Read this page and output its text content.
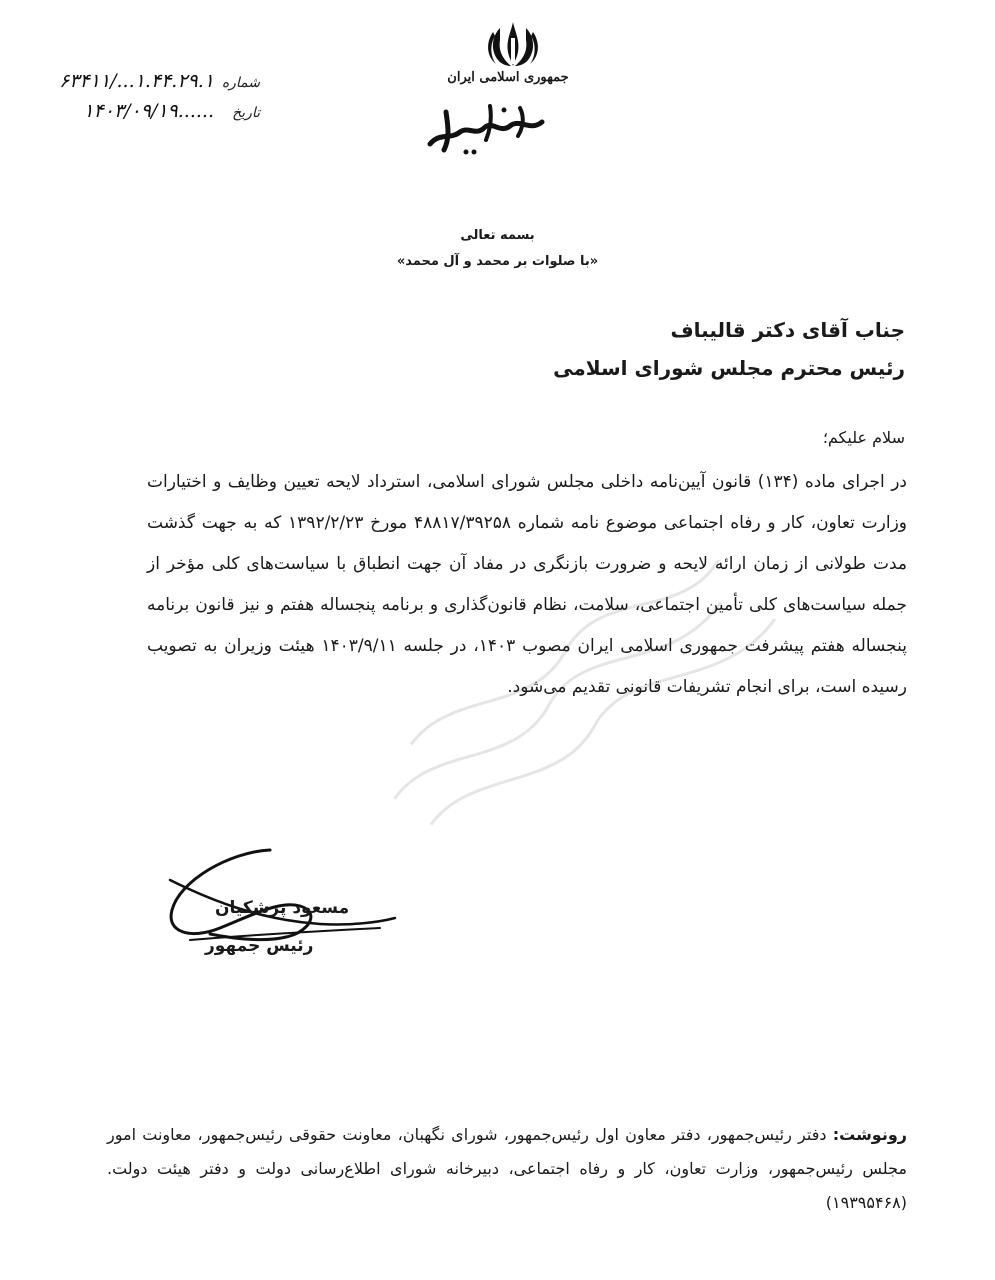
جمهوری اسلامی ایران
شماره
۶۳۴۱۱/...۱.۴۴.۲۹.۱
تاریخ
۱۴۰۳/۰۹/۱۹......
بسمه تعالی
«با صلوات بر محمد و آل محمد»
جناب آقای دکتر قالیباف
رئیس محترم مجلس شورای اسلامی
سلام علیکم؛
در اجرای ماده (۱۳۴) قانون آیین‌نامه داخلی مجلس شورای اسلامی، استرداد لایحه تعیین وظایف و اختیارات وزارت تعاون، کار و رفاه اجتماعی موضوع نامه شماره ۴۸۸۱۷/۳۹۲۵۸ مورخ ۱۳۹۲/۲/۲۳ که به جهت گذشت مدت طولانی از زمان ارائه لایحه و ضرورت بازنگری در مفاد آن جهت انطباق با سیاست‌های کلی مؤخر از جمله سیاست‌های کلی تأمین اجتماعی، سلامت، نظام قانون‌گذاری و برنامه پنجساله هفتم و نیز قانون برنامه پنجساله هفتم پیشرفت جمهوری اسلامی ایران مصوب ۱۴۰۳، در جلسه ۱۴۰۳/۹/۱۱ هیئت وزیران به تصویب رسیده است، برای انجام تشریفات قانونی تقدیم می‌شود.
مسعود پزشکیان
رئیس جمهور
رونوشت: دفتر رئیس‌جمهور، دفتر معاون اول رئیس‌جمهور، شورای نگهبان، معاونت حقوقی رئیس‌جمهور، معاونت امور مجلس رئیس‌جمهور، وزارت تعاون، کار و رفاه اجتماعی، دبیرخانه شورای اطلاع‌رسانی دولت و دفتر هیئت دولت. (۱۹۳۹۵۴۶۸)
